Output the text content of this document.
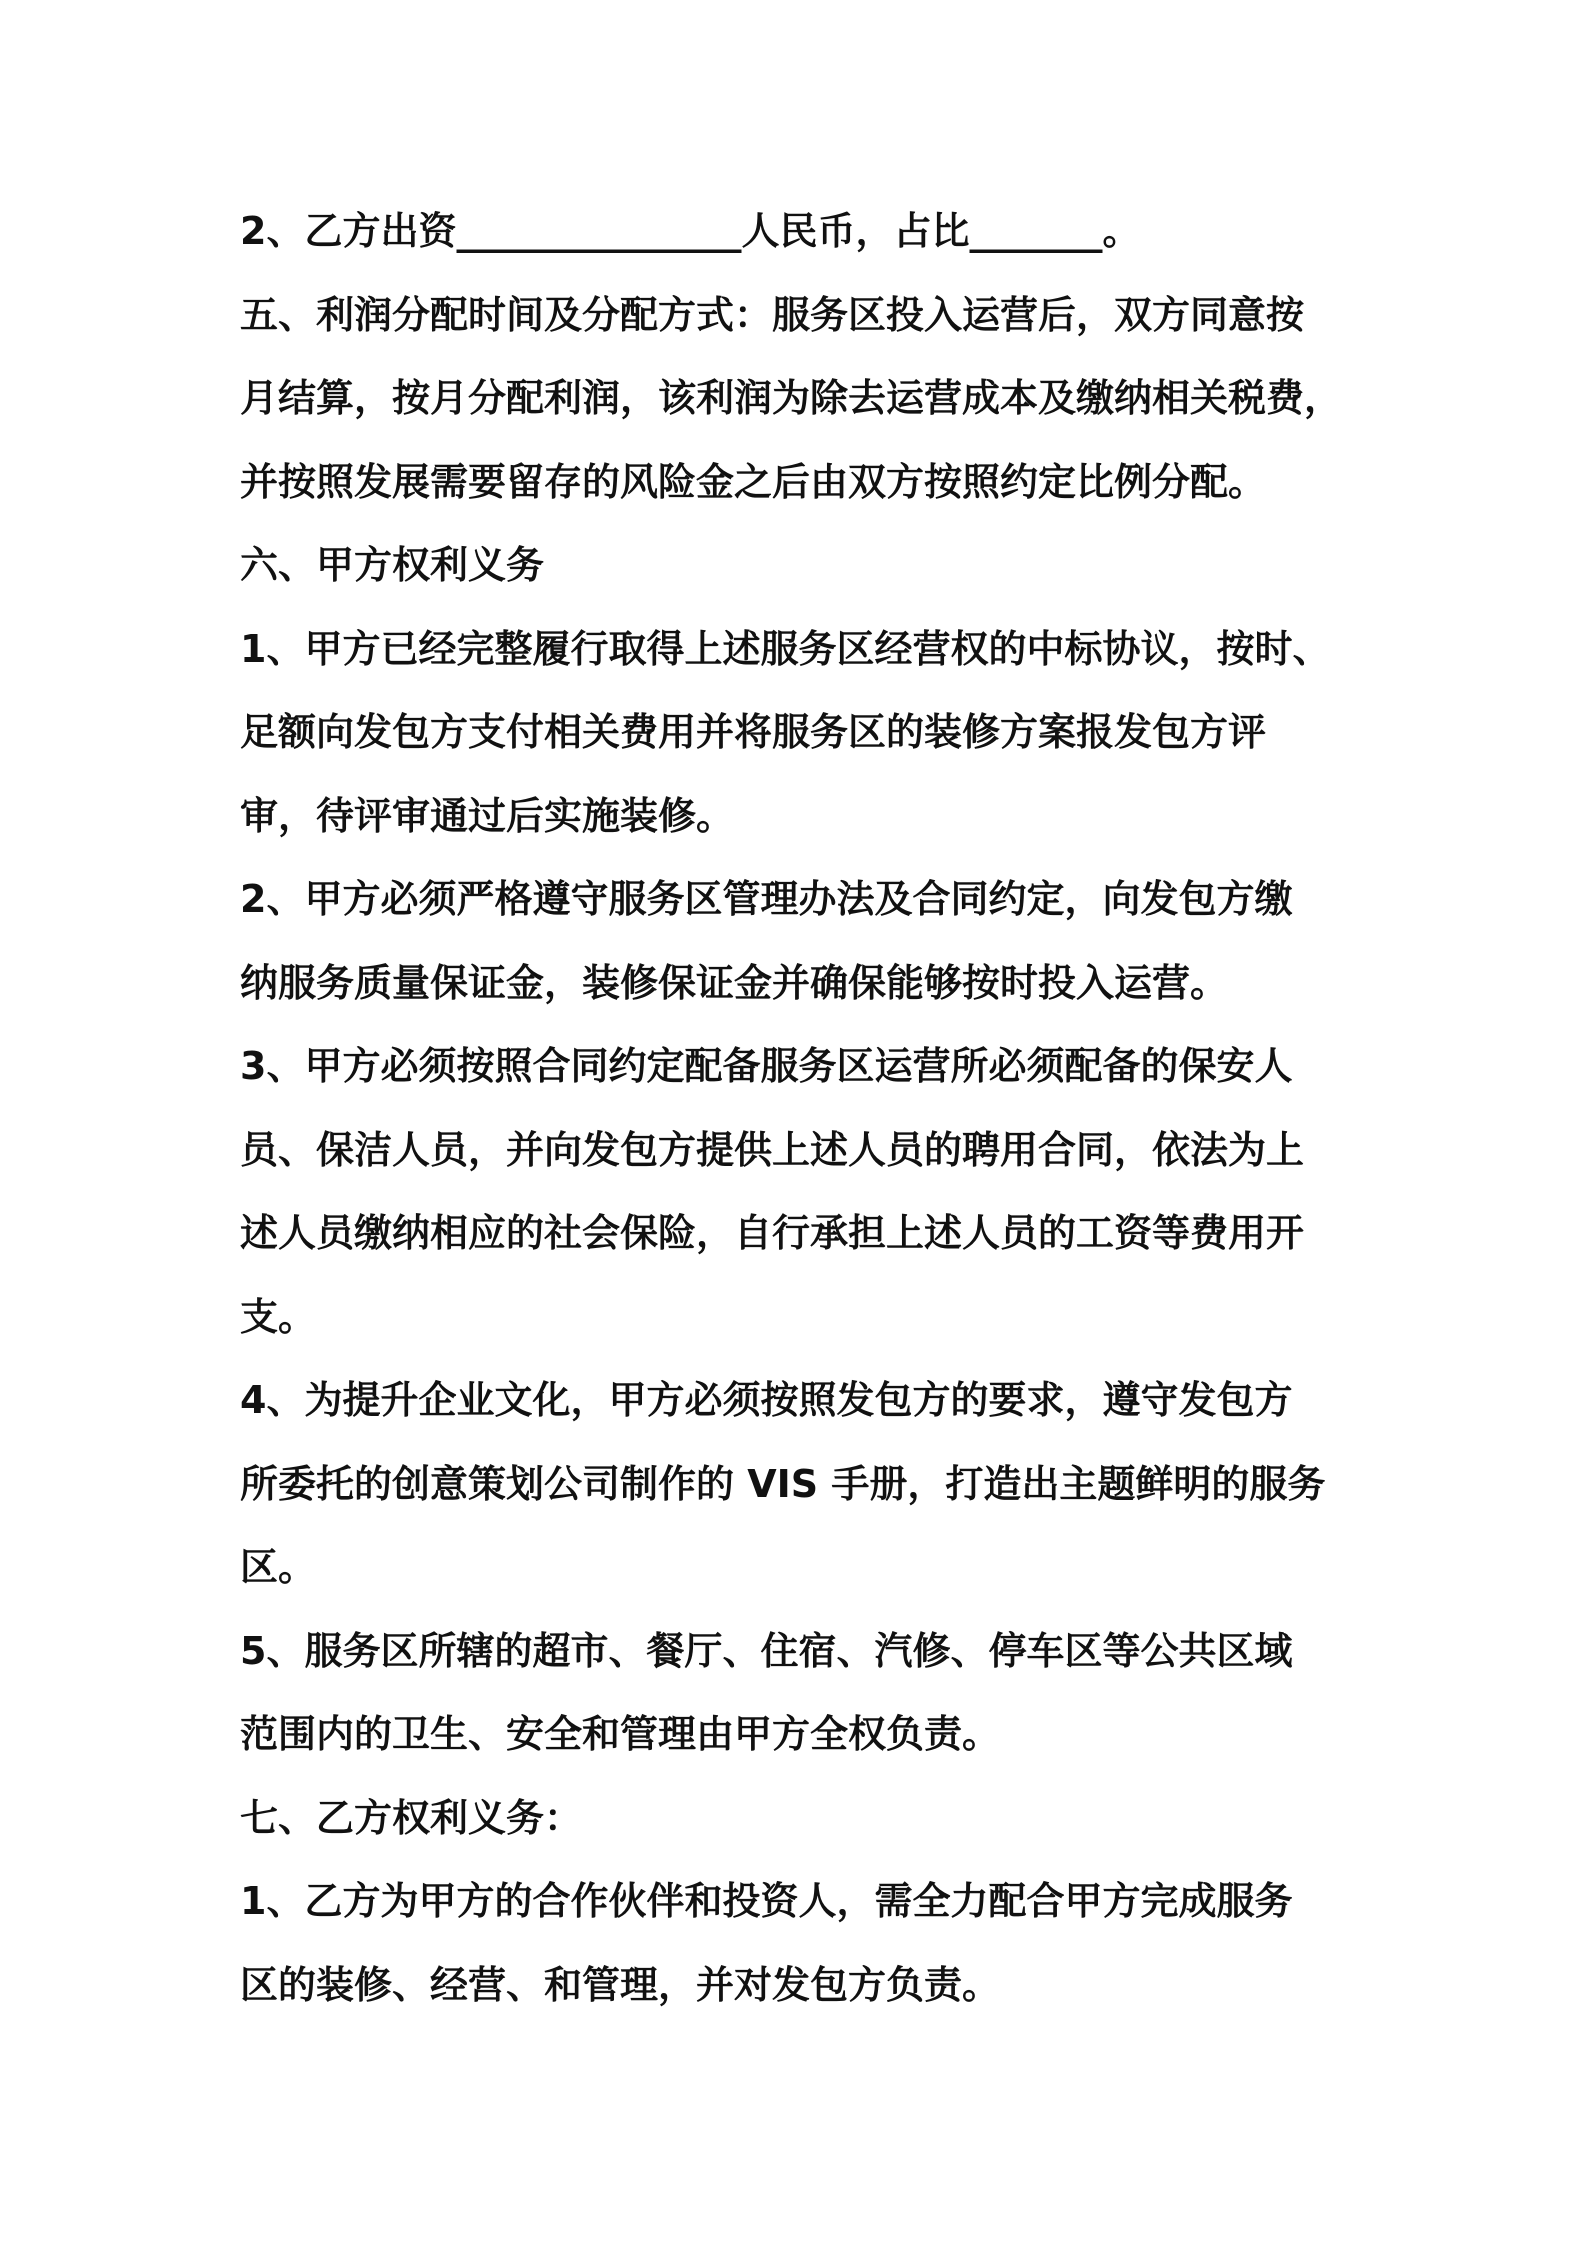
2、乙方出资_______________人民币，占比_______。
五、利润分配时间及分配方式：服务区投入运营后，双方同意按
月结算，按月分配利润，该利润为除去运营成本及缴纳相关税费，
并按照发展需要留存的风险金之后由双方按照约定比例分配。
六、甲方权利义务
1、甲方已经完整履行取得上述服务区经营权的中标协议，按时、
足额向发包方支付相关费用并将服务区的装修方案报发包方评
审，待评审通过后实施装修。
2、甲方必须严格遵守服务区管理办法及合同约定，向发包方缴
纳服务质量保证金，装修保证金并确保能够按时投入运营。
3、甲方必须按照合同约定配备服务区运营所必须配备的保安人
员、保洁人员，并向发包方提供上述人员的聘用合同，依法为上
述人员缴纳相应的社会保险，自行承担上述人员的工资等费用开
支。
4、为提升企业文化，甲方必须按照发包方的要求，遵守发包方
所委托的创意策划公司制作的 VIS 手册，打造出主题鲜明的服务
区。
5、服务区所辖的超市、餐厅、住宿、汽修、停车区等公共区域
范围内的卫生、安全和管理由甲方全权负责。
七、乙方权利义务：
1、乙方为甲方的合作伙伴和投资人，需全力配合甲方完成服务
区的装修、经营、和管理，并对发包方负责。
